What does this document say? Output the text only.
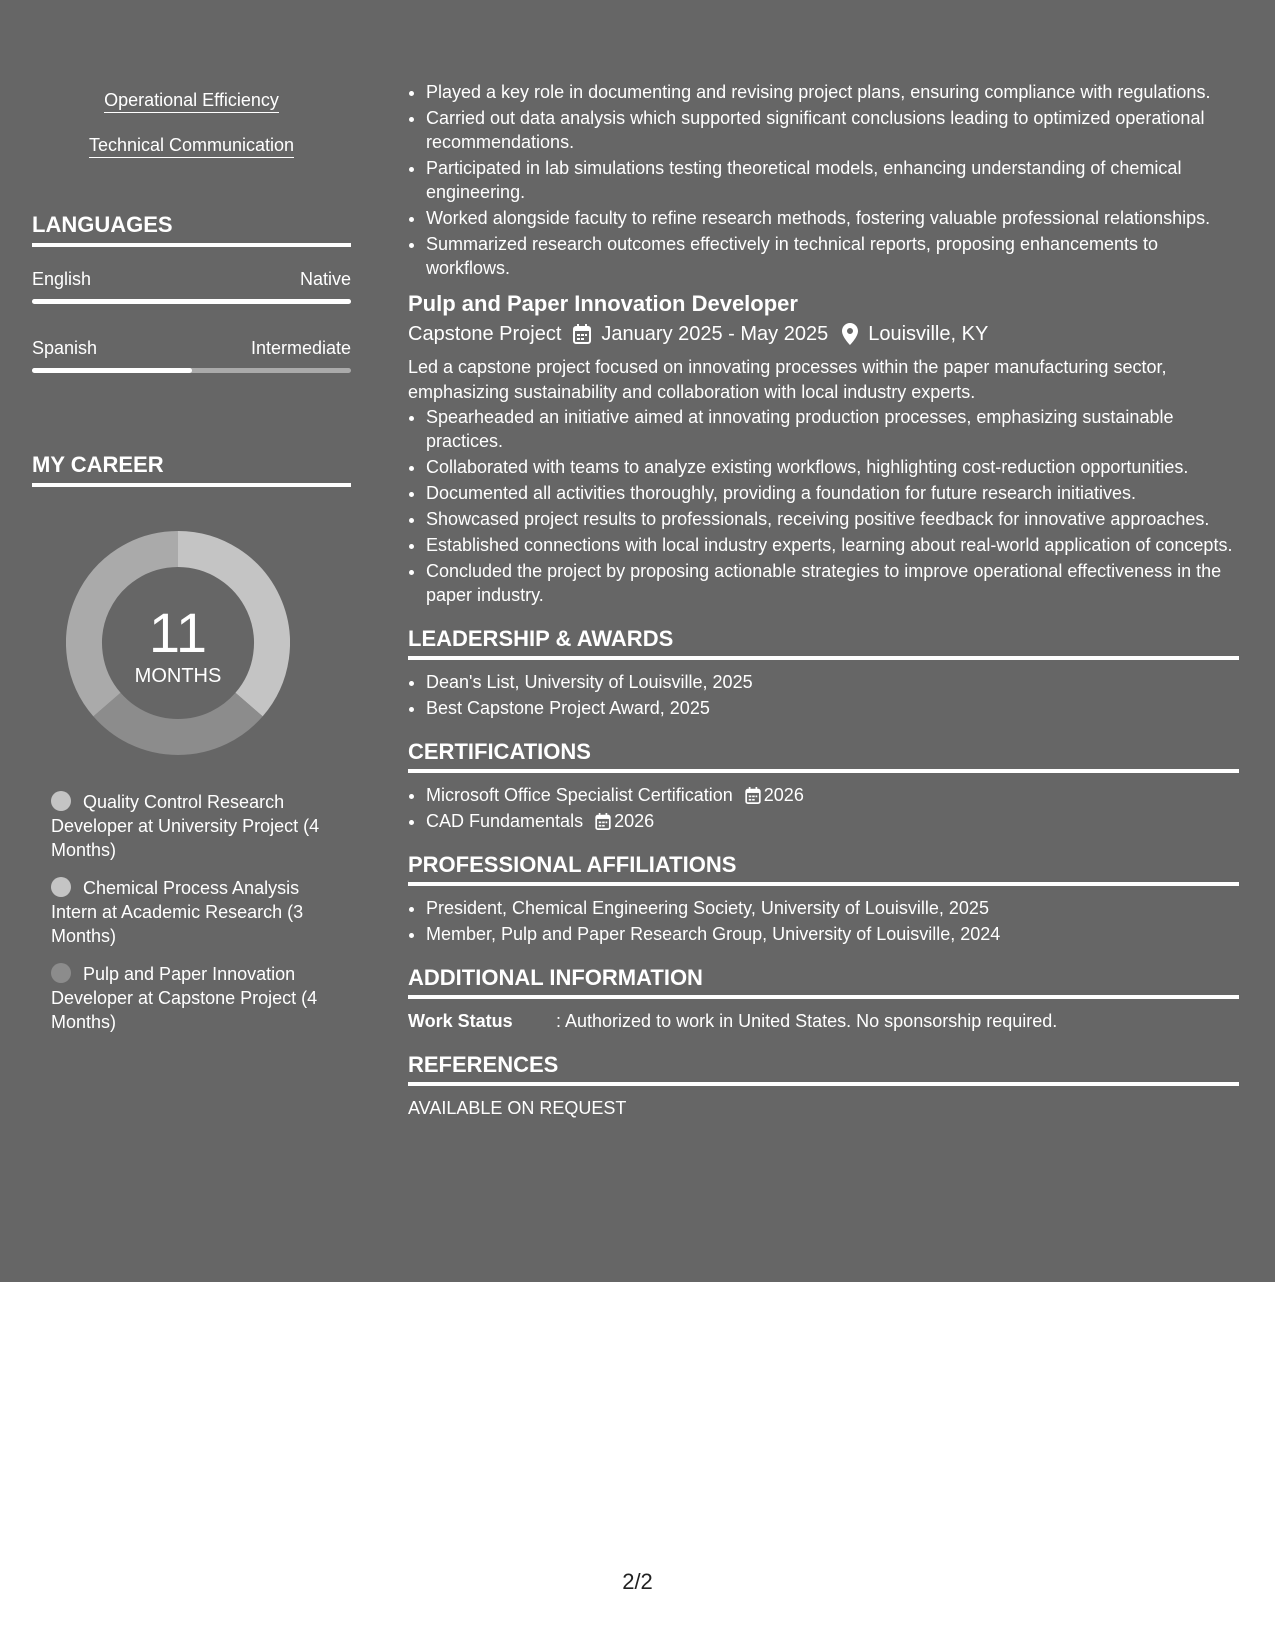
Operational Efficiency
Technical Communication
LANGUAGES
English	Native
Spanish	Intermediate
MY CAREER
11
MONTHS
Quality Control Research Developer at University Project (4 Months)
Chemical Process Analysis Intern at Academic Research (3 Months)
Pulp and Paper Innovation Developer at Capstone Project (4 Months)
• Played a key role in documenting and revising project plans, ensuring compliance with regulations.
• Carried out data analysis which supported significant conclusions leading to optimized operational recommendations.
• Participated in lab simulations testing theoretical models, enhancing understanding of chemical engineering.
• Worked alongside faculty to refine research methods, fostering valuable professional relationships.
• Summarized research outcomes effectively in technical reports, proposing enhancements to workflows.
Pulp and Paper Innovation Developer
Capstone Project January 2025 - May 2025 Louisville, KY
Led a capstone project focused on innovating processes within the paper manufacturing sector, emphasizing sustainability and collaboration with local industry experts.
• Spearheaded an initiative aimed at innovating production processes, emphasizing sustainable practices.
• Collaborated with teams to analyze existing workflows, highlighting cost-reduction opportunities.
• Documented all activities thoroughly, providing a foundation for future research initiatives.
• Showcased project results to professionals, receiving positive feedback for innovative approaches.
• Established connections with local industry experts, learning about real-world application of concepts.
• Concluded the project by proposing actionable strategies to improve operational effectiveness in the paper industry.
LEADERSHIP & AWARDS
• Dean's List, University of Louisville, 2025
• Best Capstone Project Award, 2025
CERTIFICATIONS
• Microsoft Office Specialist Certification 2026
• CAD Fundamentals 2026
PROFESSIONAL AFFILIATIONS
• President, Chemical Engineering Society, University of Louisville, 2025
• Member, Pulp and Paper Research Group, University of Louisville, 2024
ADDITIONAL INFORMATION
Work Status	: Authorized to work in United States. No sponsorship required.
REFERENCES
AVAILABLE ON REQUEST
2/2
